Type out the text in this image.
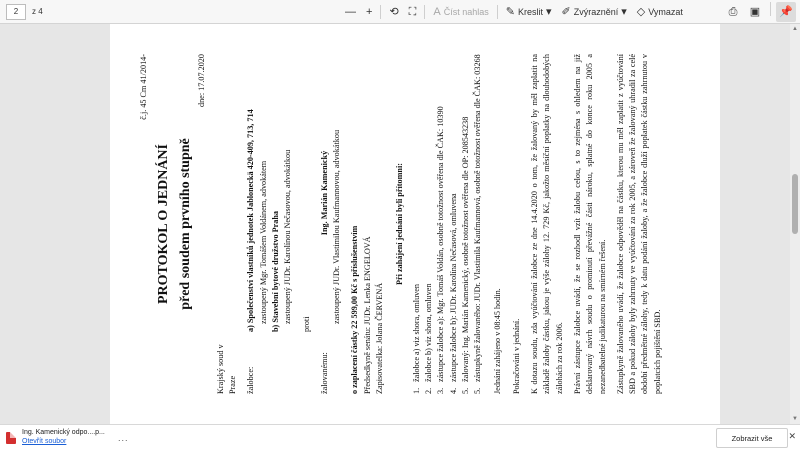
2	z 4	— + ⟲ ⛶ A Číst nahlas ✎ Kreslit ▾ ✐ Zvýraznění ▾ ◇ Vymazat	⎙ ▣ 📌
č.j. 45 Cm 41/2014-
PROTOKOL O JEDNÁNÍ před soudem prvního stupně
dne: 17.07.2020
Krajský soud v Praze žalobce:
a) Společenství vlastníků jednotek Jabloneckä 420-409, 713, 714 zastoupený Mgr. Tomášem Voldánem, advokátem b) Stavební bytové družstvo Praha zastoupený JUDr. Karolínou Nečasovou, advokátkou
proti
žalovanému:
Ing. Marián Kamenický zastoupený JUDr. Vlastimilou Kaufmannovou, advokátkou o zaplacení částky 22 599,00 Kč s příslušenstvím Předsedkyně senátu: JUDr. Lenka ENGELOVÁ Zapisovatelka: Jolana ČERVENÁ
Při zahájení jednání byli přítomni:
1.
žalobce a) viz shora, omluven
2.
žalobce b) viz shora, omluven
3.
zástupce žalobce a): Mgr. Tomáš Voldán, osobně totožnost ověřena dle ČAK: 10390
4.
zástupce žalobce b): JUDr. Karolína Nečasová, omluvena
5.
žalovaný: Ing. Marián Kamenický, osobně totožnost ověřena dle OP: 208543238
5.
zástupkyně žalovaného: JUDr. Vlastimila Kaufmannová, osobně totožnost ověřena dle ČAK: 03268 Jednání zahájeno v 08:45 hodin. Pokračováni v jednání. K dotazu soudu, zda vyúčtování žalobce ze dne 14.4.2020 o tom, že žalovaný by měl zaplatit na základě žaloby částku, jakou je výše zálohy 12. 729 Kč, jakožto měsíční poplatky na dlouhodobých zálohách za rok 2006. Právní zástupce žalobce uvádí, že se rozhodl vzít žalobu celou, s to zejména s ohledem na již deklarovaný návrh soudu o prominutí převážné části nároku, splatné do konce roku 2005 a nezanedbatelné judikaturou na smírném řešení. Zástupkyně žalovaného uvádí, že žalobce odpověděl na částku, kterou mu měl zaplatit z vyúčtování SBD a pokud zálohy byly zahrnuty ve vyúčtování za rok 2005, a zároveň že žalovaný uhradil za celé období předmětné zálohy, tedy k datu podání žaloby, a že žalobce dluží poplatek částku zahrnutou v poplatcích pojištění SBD.
▲
▼
Ing. Kamenický odpo....p...
Otevřít soubor	...	Zobrazit vše	✕
